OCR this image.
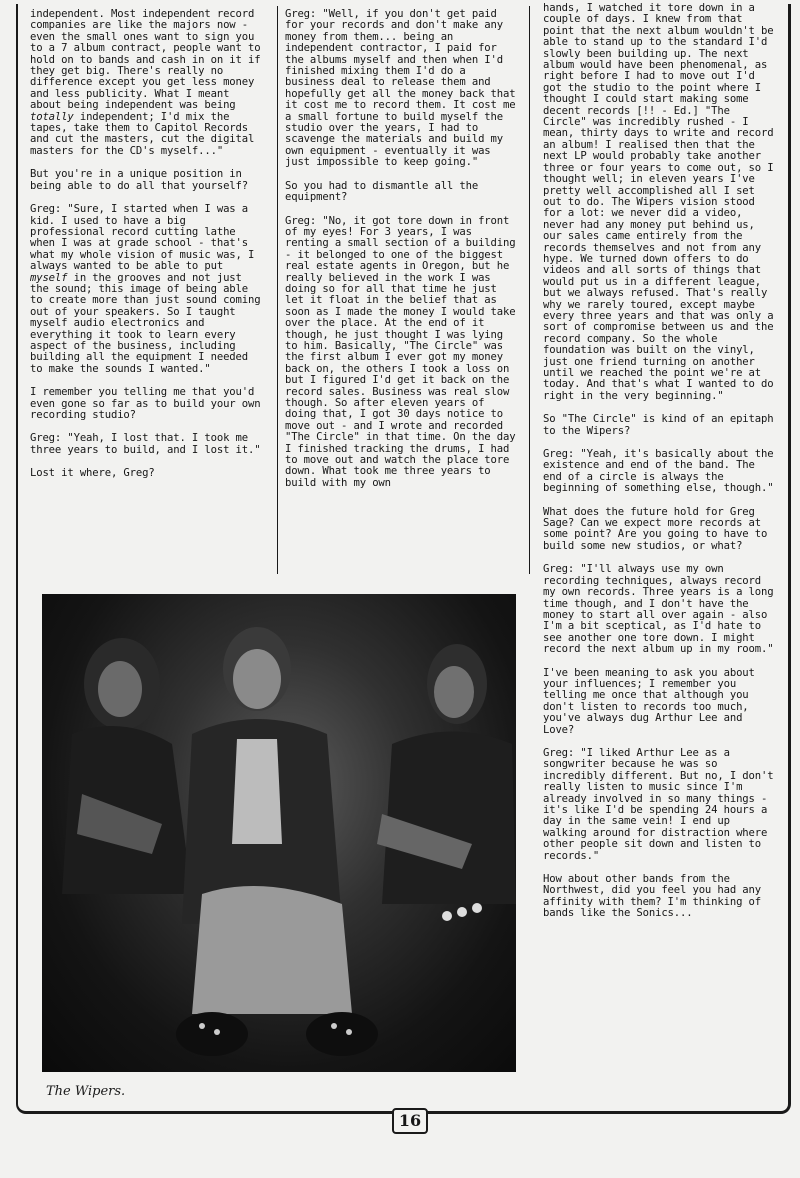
independent. Most independent record companies are like the majors now - even the small ones want to sign you to a 7 album contract, people want to hold on to bands and cash in on it if they get big. There's really no difference except you get less money and less publicity. What I meant about being independent was being totally independent; I'd mix the tapes, take them to Capitol Records and cut the masters, cut the digital masters for the CD's myself..."

But you're in a unique position in being able to do all that yourself?

Greg: "Sure, I started when I was a kid. I used to have a big professional record cutting lathe when I was at grade school - that's what my whole vision of music was, I always wanted to be able to put myself in the grooves and not just the sound; this image of being able to create more than just sound coming out of your speakers. So I taught myself audio electronics and everything it took to learn every aspect of the business, including building all the equipment I needed to make the sounds I wanted."

I remember you telling me that you'd even gone so far as to build your own recording studio?

Greg: "Yeah, I lost that. I took me three years to build, and I lost it."

Lost it where, Greg?

Greg: "Well, if you don't get paid for your records and don't make any money from them... being an independent contractor, I paid for the albums myself and then when I'd finished mixing them I'd do a business deal to release them and hopefully get all the money back that it cost me to record them. It cost me a small fortune to build myself the studio over the years, I had to scavenge the materials and build my own equipment - eventually it was just impossible to keep going."

So you had to dismantle all the equipment?

Greg: "No, it got tore down in front of my eyes! For 3 years, I was renting a small section of a building - it belonged to one of the biggest real estate agents in Oregon, but he really believed in the work I was doing so for all that time he just let it float in the belief that as soon as I made the money I would take over the place. At the end of it though, he just thought I was lying to him. Basically, "The Circle" was the first album I ever got my money back on, the others I took a loss on but I figured I'd get it back on the record sales. Business was real slow though. So after eleven years of doing that, I got 30 days notice to move out - and I wrote and recorded "The Circle" in that time. On the day I finished tracking the drums, I had to move out and watch the place tore down. What took me three years to build with my own

hands, I watched it tore down in a couple of days. I knew from that point that the next album wouldn't be able to stand up to the standard I'd slowly been building up. The next album would have been phenomenal, as right before I had to move out I'd got the studio to the point where I thought I could start making some decent records [!! - Ed.] "The Circle" was incredibly rushed - I mean, thirty days to write and record an album! I realised then that the next LP would probably take another three or four years to come out, so I thought well; in eleven years I've pretty well accomplished all I set out to do. The Wipers vision stood for a lot: we never did a video, never had any money put behind us, our sales came entirely from the records themselves and not from any hype. We turned down offers to do videos and all sorts of things that would put us in a different league, but we always refused. That's really why we rarely toured, except maybe every three years and that was only a sort of compromise between us and the record company. So the whole foundation was built on the vinyl, just one friend turning on another until we reached the point we're at today. And that's what I wanted to do right in the very beginning."

So "The Circle" is kind of an epitaph to the Wipers?

Greg: "Yeah, it's basically about the existence and end of the band. The end of a circle is always the beginning of something else, though."

What does the future hold for Greg Sage? Can we expect more records at some point? Are you going to have to build some new studios, or what?

Greg: "I'll always use my own recording techniques, always record my own records. Three years is a long time though, and I don't have the money to start all over again - also I'm a bit sceptical, as I'd hate to see another one tore down. I might record the next album up in my room."

I've been meaning to ask you about your influences; I remember you telling me once that although you don't listen to records too much, you've always dug Arthur Lee and Love?

Greg: "I liked Arthur Lee as a songwriter because he was so incredibly different. But no, I don't really listen to music since I'm already involved in so many things - it's like I'd be spending 24 hours a day in the same vein! I end up walking around for distraction where other people sit down and listen to records."

How about other bands from the Northwest, did you feel you had any affinity with them? I'm thinking of bands like the Sonics...

The Wipers.
16
